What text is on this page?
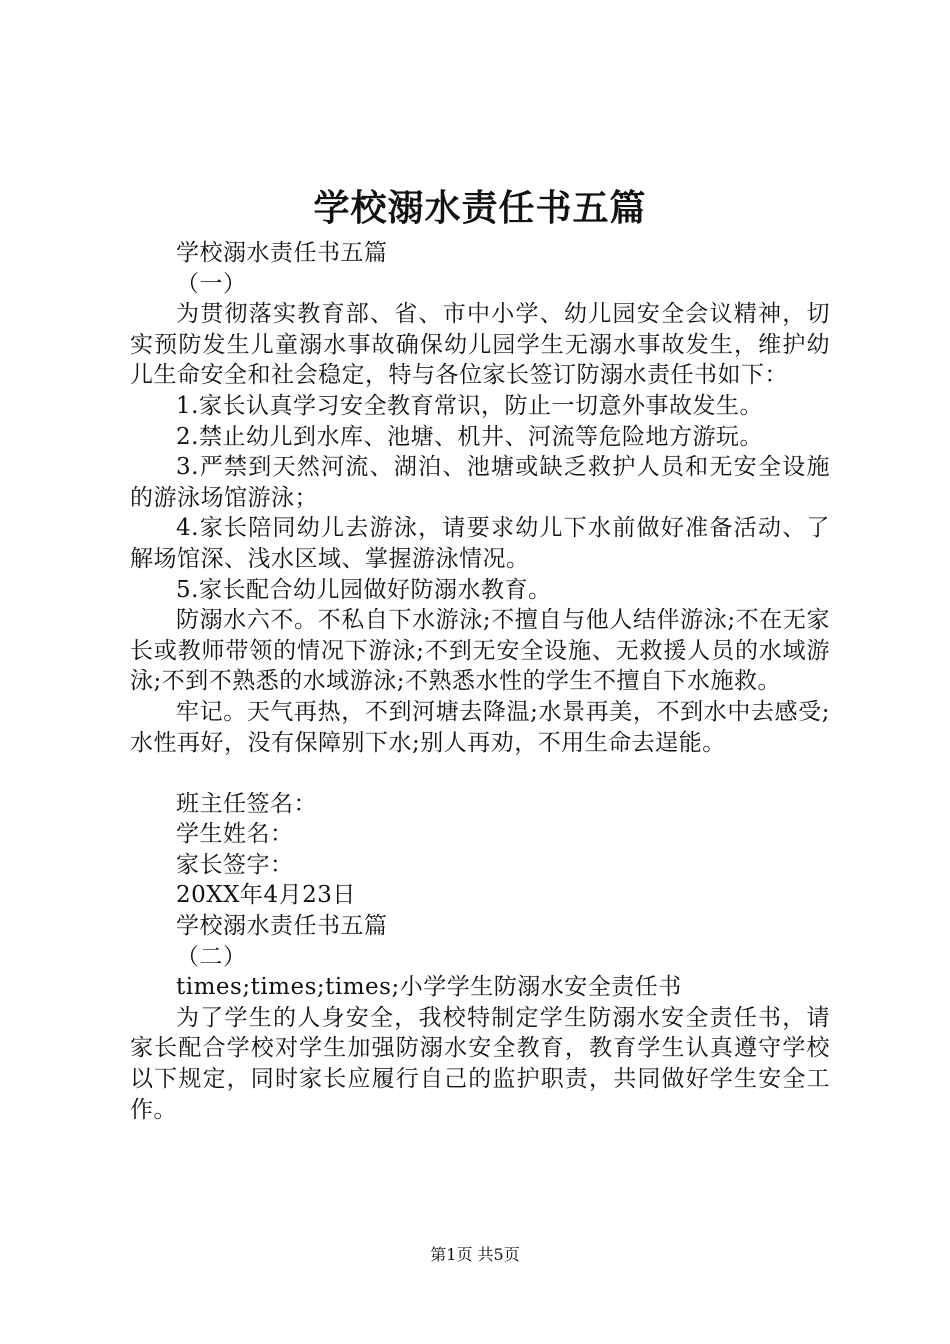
学校溺水责任书五篇

学校溺水责任书五篇

（一）

为贯彻落实教育部、省、市中小学、幼儿园安全会议精神，切实预防发生儿童溺水事故确保幼儿园学生无溺水事故发生，维护幼儿生命安全和社会稳定，特与各位家长签订防溺水责任书如下：

1.家长认真学习安全教育常识，防止一切意外事故发生。

2.禁止幼儿到水库、池塘、机井、河流等危险地方游玩。

3.严禁到天然河流、湖泊、池塘或缺乏救护人员和无安全设施的游泳场馆游泳；

4.家长陪同幼儿去游泳，请要求幼儿下水前做好准备活动、了解场馆深、浅水区域、掌握游泳情况。

5.家长配合幼儿园做好防溺水教育。

防溺水六不。不私自下水游泳;不擅自与他人结伴游泳;不在无家长或教师带领的情况下游泳;不到无安全设施、无救援人员的水域游泳;不到不熟悉的水域游泳;不熟悉水性的学生不擅自下水施救。

牢记。天气再热，不到河塘去降温;水景再美，不到水中去感受;水性再好，没有保障别下水;别人再劝，不用生命去逞能。

班主任签名：

学生姓名：

家长签字：

20XX年4月23日

学校溺水责任书五篇

（二）

times;times;times;小学学生防溺水安全责任书

为了学生的人身安全，我校特制定学生防溺水安全责任书，请家长配合学校对学生加强防溺水安全教育，教育学生认真遵守学校以下规定，同时家长应履行自己的监护职责，共同做好学生安全工作。

第1页 共5页
